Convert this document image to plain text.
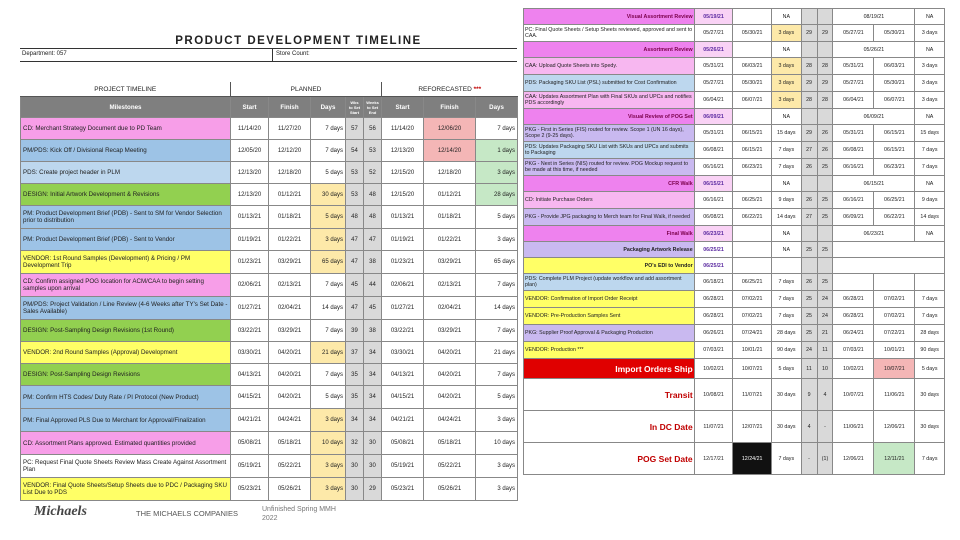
PRODUCT DEVELOPMENT TIMELINE
Department: 057	Store Count:
PROJECT TIMELINE	PLANNED					REFORECASTED ***		
Milestones	Start	Finish	Days	Wks to Set Start	Weeks to Set End	Start	Finish	Days
CD: Merchant Strategy Document due to PD Team	11/14/20	11/27/20	7 days	57	56	11/14/20	12/06/20	7 days
PM/PDS: Kick Off / Divisional Recap Meeting	12/05/20	12/12/20	7 days	54	53	12/13/20	12/14/20	1 days
PDS: Create project header in PLM	12/13/20	12/18/20	5 days	53	52	12/15/20	12/18/20	3 days
DESIGN: Initial Artwork Development & Revisions	12/13/20	01/12/21	30 days	53	48	12/15/20	01/12/21	28 days
PM: Product Development Brief (PDB) - Sent to SM for Vendor Selection prior to distribution	01/13/21	01/18/21	5 days	48	48	01/13/21	01/18/21	5 days
PM: Product Development Brief (PDB) - Sent to Vendor	01/19/21	01/22/21	3 days	47	47	01/19/21	01/22/21	3 days
VENDOR: 1st Round Samples (Development) & Pricing / PM Development Trip	01/23/21	03/29/21	65 days	47	38	01/23/21	03/29/21	65 days
CD: Confirm assigned POG location for ACM/CAA to begin setting samples upon arrival	02/06/21	02/13/21	7 days	45	44	02/06/21	02/13/21	7 days
PM/PDS: Project Validation / Line Review (4-6 Weeks after TY's Set Date - Sales Available)	01/27/21	02/04/21	14 days	47	45	01/27/21	02/04/21	14 days
DESIGN: Post-Sampling Design Revisions (1st Round)	03/22/21	03/29/21	7 days	39	38	03/22/21	03/29/21	7 days
VENDOR: 2nd Round Samples (Approval) Development	03/30/21	04/20/21	21 days	37	34	03/30/21	04/20/21	21 days
DESIGN: Post-Sampling Design Revisions	04/13/21	04/20/21	7 days	35	34	04/13/21	04/20/21	7 days
PM: Confirm HTS Codes/ Duty Rate / PI Protocol (New Product)	04/15/21	04/20/21	5 days	35	34	04/15/21	04/20/21	5 days
PM: Final Approved PLS Due to Merchant for Approval/Finalization	04/21/21	04/24/21	3 days	34	34	04/21/21	04/24/21	3 days
CD: Assortment Plans approved. Estimated quantities provided	05/08/21	05/18/21	10 days	32	30	05/08/21	05/18/21	10 days
PC: Request Final Quote Sheets Review Mass Create Against Assortment Plan	05/19/21	05/22/21	3 days	30	30	05/19/21	05/22/21	3 days
VENDOR: Final Quote Sheets/Setup Sheets due to PDC / Packaging SKU List Due to PDS	05/23/21	05/26/21	3 days	30	29	05/23/21	05/26/21	3 days
Michaels	THE MICHAELS COMPANIES	Unfinished Spring MMH
2022
Visual Assortment Review	05/19/21		NA			08/19/21		NA
PC: Final Quote Sheets / Setup Sheets reviewed, approved and sent to CAA.	05/27/21	05/30/21	3 days	29	29	05/27/21	05/30/21	3 days
Assortment Review	05/26/21		NA			05/26/21		NA
CAA: Upload Quote Sheets into Spedy.	05/31/21	06/03/21	3 days	28	28	05/31/21	06/03/21	3 days
PDS: Packaging SKU List (PSL) submitted for Cost Confirmation	05/27/21	05/30/21	3 days	29	29	05/27/21	05/30/21	3 days
CAA: Updates Assortment Plan with Final SKUs and UPCs and notifies PDS accordingly	06/04/21	06/07/21	3 days	28	28	06/04/21	06/07/21	3 days
Visual Review of POG Set	06/09/21		NA			06/09/21		NA
PKG - First in Series (FIS) routed for review. Scope 1 (UN 16 days), Scope 2 (9-25 days).	05/31/21	06/15/21	15 days	29	26	05/31/21	06/15/21	15 days
PDS: Updates Packaging SKU List with SKUs and UPCs and submits to Packaging	06/08/21	06/15/21	7 days	27	26	06/08/21	06/15/21	7 days
PKG - Next in Series (NIS) routed for review. POG Mockup request to be made at this time, if needed	06/16/21	06/23/21	7 days	26	25	06/16/21	06/23/21	7 days
CFR Walk	06/15/21		NA			06/15/21		NA
CD: Initiate Purchase Orders	06/16/21	06/25/21	9 days	26	25	06/16/21	06/25/21	9 days
PKG - Provide JPG packaging to Merch team for Final Walk, if needed	06/08/21	06/22/21	14 days	27	25	06/09/21	06/22/21	14 days
Final Walk	06/23/21		NA			06/23/21		NA
Packaging Artwork Release	06/25/21		NA	25	25			
PO's EDI to Vendor	06/25/21							
PDS: Complete PLM Project (update workflow and add assortment plan)	06/18/21	06/25/21	7 days	26	25			
VENDOR: Confirmation of Import Order Receipt	06/28/21	07/02/21	7 days	25	24	06/28/21	07/02/21	7 days
VENDOR: Pre-Production Samples Sent	06/28/21	07/02/21	7 days	25	24	06/28/21	07/02/21	7 days
PKG: Supplier Proof Approval & Packaging Production	06/26/21	07/24/21	28 days	25	21	06/24/21	07/22/21	28 days
VENDOR: Production ***	07/03/21	10/01/21	90 days	24	11	07/03/21	10/01/21	90 days
Import Orders Ship	10/02/21	10/07/21	5 days	11	10	10/02/21	10/07/21	5 days
Transit	10/08/21	11/07/21	30 days	9	4	10/07/21	11/06/21	30 days
In DC Date	11/07/21	12/07/21	30 days	4	-	11/06/21	12/06/21	30 days
POG Set Date	12/17/21	12/24/21	7 days	-	(1)	12/06/21	12/11/21	7 days
